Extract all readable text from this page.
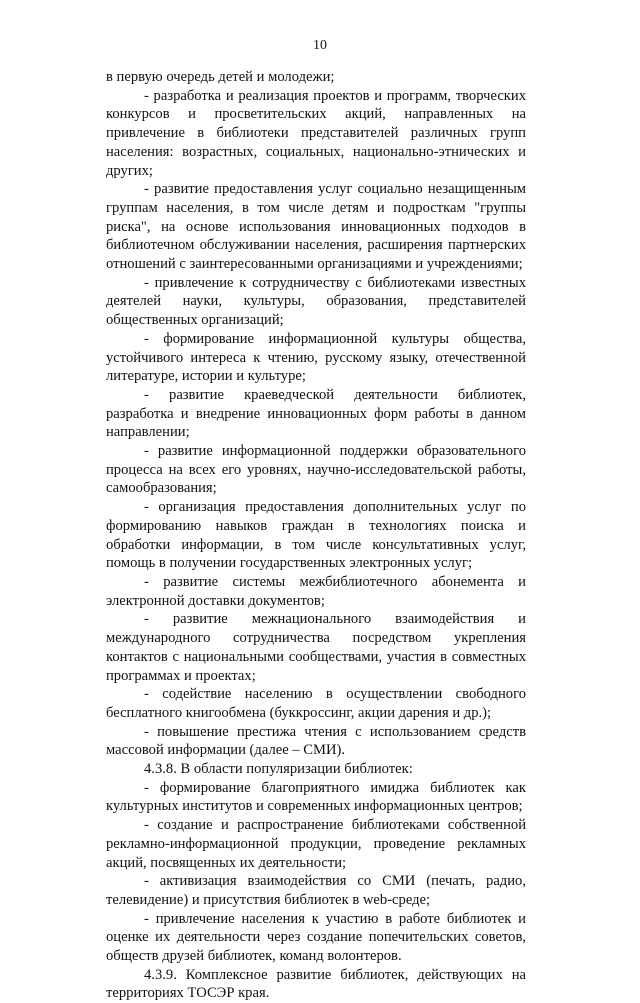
10

в первую очередь детей и молодежи;

- разработка и реализация проектов и программ, творческих конкурсов и просветительских акций, направленных на привлечение в библиотеки представителей различных групп населения: возрастных, социальных, национально-этнических и других;

- развитие предоставления услуг социально незащищенным группам населения, в том числе детям и подросткам "группы риска", на основе использования инновационных подходов в библиотечном обслуживании населения, расширения партнерских отношений с заинтересованными организациями и учреждениями;

- привлечение к сотрудничеству с библиотеками известных деятелей науки, культуры, образования, представителей общественных организаций;

- формирование информационной культуры общества, устойчивого интереса к чтению, русскому языку, отечественной литературе, истории и культуре;

- развитие краеведческой деятельности библиотек, разработка и внедрение инновационных форм работы в данном направлении;

- развитие информационной поддержки образовательного процесса на всех его уровнях, научно-исследовательской работы, самообразования;

- организация предоставления дополнительных услуг по формированию навыков граждан в технологиях поиска и обработки информации, в том числе консультативных услуг, помощь в получении государственных электронных услуг;

- развитие системы межбиблиотечного абонемента и электронной доставки документов;

- развитие межнационального взаимодействия и международного сотрудничества посредством укрепления контактов с национальными сообществами, участия в совместных программах и проектах;

- содействие населению в осуществлении свободного бесплатного книгообмена (буккроссинг, акции дарения и др.);

- повышение престижа чтения с использованием средств массовой информации (далее – СМИ).

4.3.8. В области популяризации библиотек:

- формирование благоприятного имиджа библиотек как культурных институтов и современных информационных центров;

- создание и распространение библиотеками собственной рекламно-информационной продукции, проведение рекламных акций, посвященных их деятельности;

- активизация взаимодействия со СМИ (печать, радио, телевидение) и присутствия библиотек в web-среде;

- привлечение населения к участию в работе библиотек и оценке их деятельности через создание попечительских советов, обществ друзей библиотек, команд волонтеров.

4.3.9. Комплексное развитие библиотек, действующих на территориях ТОСЭР края.
